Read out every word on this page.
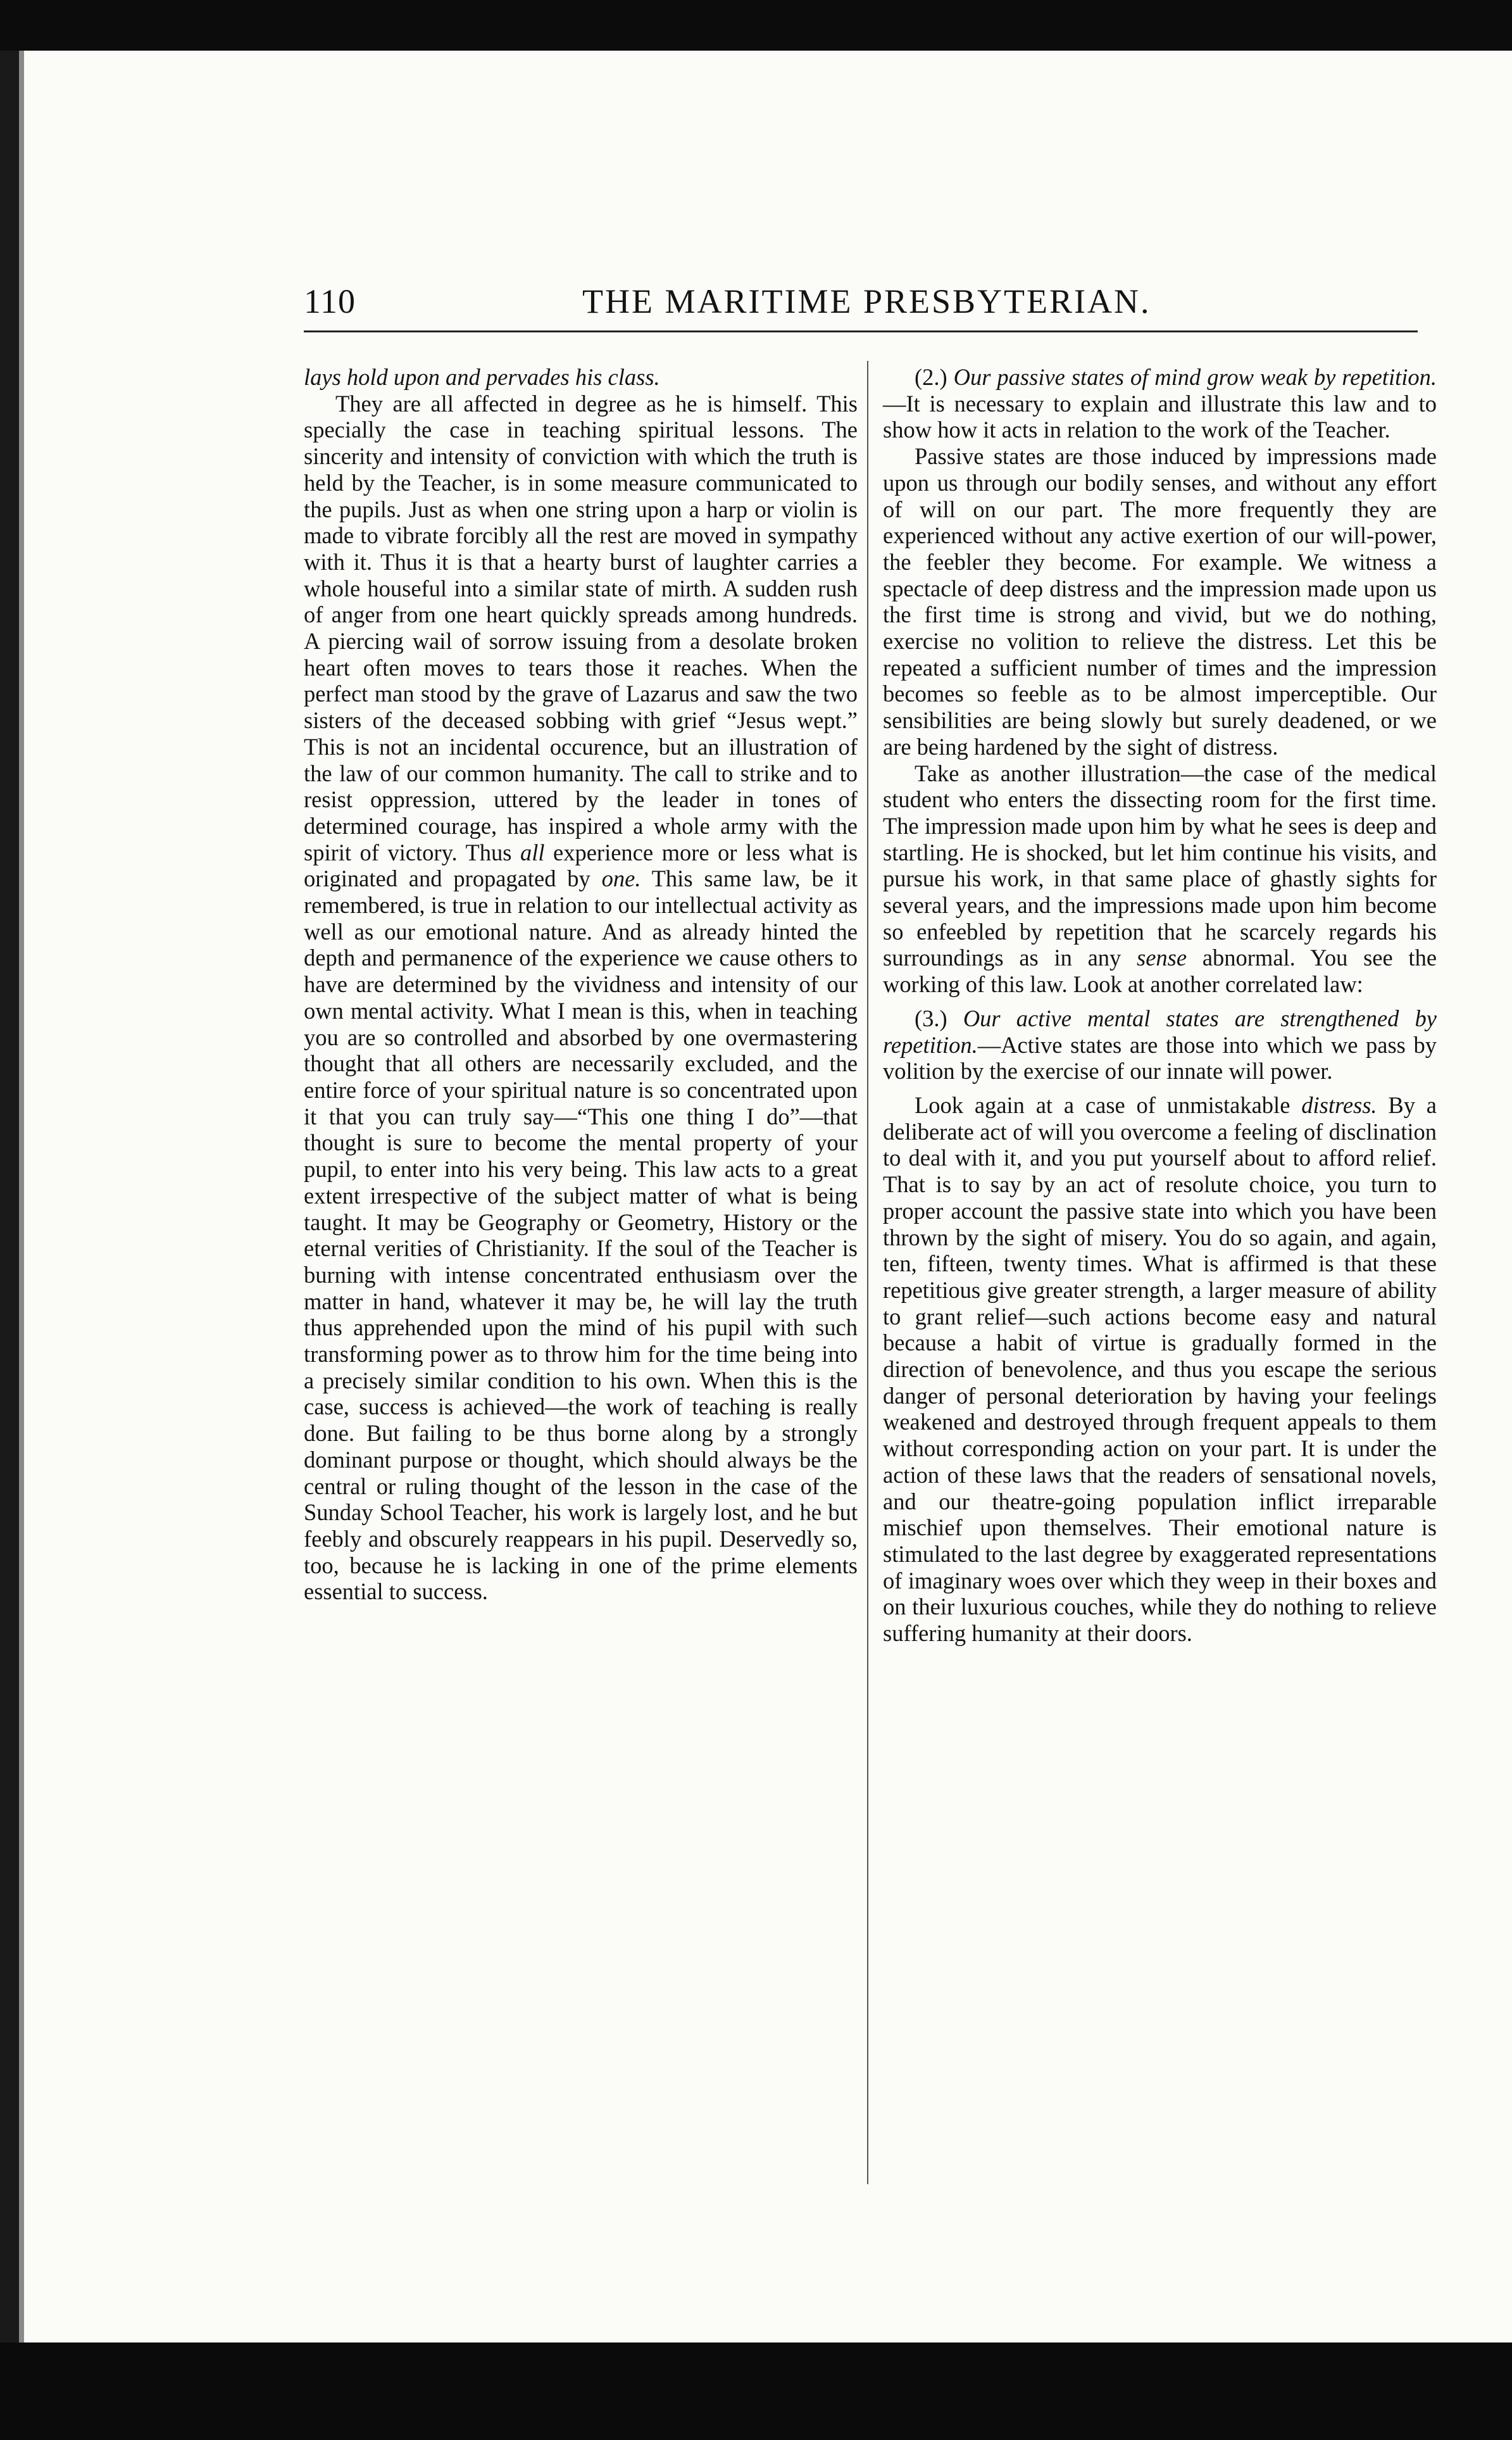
110	THE MARITIME PRESBYTERIAN.

lays hold upon and pervades his class.

They are all affected in degree as he is himself. This specially the case in teaching spiritual lessons. The sincerity and intensity of conviction with which the truth is held by the Teacher, is in some measure communicated to the pupils. Just as when one string upon a harp or violin is made to vibrate forcibly all the rest are moved in sympathy with it. Thus it is that a hearty burst of laughter carries a whole houseful into a similar state of mirth. A sudden rush of anger from one heart quickly spreads among hundreds. A piercing wail of sorrow issuing from a desolate broken heart often moves to tears those it reaches. When the perfect man stood by the grave of Lazarus and saw the two sisters of the deceased sobbing with grief “Jesus wept.” This is not an incidental occurence, but an illustration of the law of our common humanity. The call to strike and to resist oppression, uttered by the leader in tones of determined courage, has inspired a whole army with the spirit of victory. Thus all experience more or less what is originated and propagated by one. This same law, be it remembered, is true in relation to our intellectual activity as well as our emotional nature. And as already hinted the depth and permanence of the experience we cause others to have are determined by the vividness and intensity of our own mental activity. What I mean is this, when in teaching you are so controlled and absorbed by one overmastering thought that all others are necessarily excluded, and the entire force of your spiritual nature is so concentrated upon it that you can truly say—“This one thing I do”—that thought is sure to become the mental property of your pupil, to enter into his very being. This law acts to a great extent irrespective of the subject matter of what is being taught. It may be Geography or Geometry, History or the eternal verities of Christianity. If the soul of the Teacher is burning with intense concentrated enthusiasm over the matter in hand, whatever it may be, he will lay the truth thus apprehended upon the mind of his pupil with such transforming power as to throw him for the time being into a precisely similar condition to his own. When this is the case, success is achieved—the work of teaching is really done. But failing to be thus borne along by a strongly dominant purpose or thought, which should always be the central or ruling thought of the lesson in the case of the Sunday School Teacher, his work is largely lost, and he but feebly and obscurely reappears in his pupil. Deservedly so, too, because he is lacking in one of the prime elements essential to success.

(2.) Our passive states of mind grow weak by repetition.—It is necessary to explain and illustrate this law and to show how it acts in relation to the work of the Teacher.

Passive states are those induced by impressions made upon us through our bodily senses, and without any effort of will on our part. The more frequently they are experienced without any active exertion of our will-power, the feebler they become. For example. We witness a spectacle of deep distress and the impression made upon us the first time is strong and vivid, but we do nothing, exercise no volition to relieve the distress. Let this be repeated a sufficient number of times and the impression becomes so feeble as to be almost imperceptible. Our sensibilities are being slowly but surely deadened, or we are being hardened by the sight of distress.

Take as another illustration—the case of the medical student who enters the dissecting room for the first time. The impression made upon him by what he sees is deep and startling. He is shocked, but let him continue his visits, and pursue his work, in that same place of ghastly sights for several years, and the impressions made upon him become so enfeebled by repetition that he scarcely regards his surroundings as in any sense abnormal. You see the working of this law. Look at another correlated law:

(3.) Our active mental states are strengthened by repetition.—Active states are those into which we pass by volition by the exercise of our innate will power.

Look again at a case of unmistakable distress. By a deliberate act of will you overcome a feeling of disclination to deal with it, and you put yourself about to afford relief. That is to say by an act of resolute choice, you turn to proper account the passive state into which you have been thrown by the sight of misery. You do so again, and again, ten, fifteen, twenty times. What is affirmed is that these repetitious give greater strength, a larger measure of ability to grant relief—such actions become easy and natural because a habit of virtue is gradually formed in the direction of benevolence, and thus you escape the serious danger of personal deterioration by having your feelings weakened and destroyed through frequent appeals to them without corresponding action on your part. It is under the action of these laws that the readers of sensational novels, and our theatre-going population inflict irreparable mischief upon themselves. Their emotional nature is stimulated to the last degree by exaggerated representations of imaginary woes over which they weep in their boxes and on their luxurious couches, while they do nothing to relieve suffering humanity at their doors.
